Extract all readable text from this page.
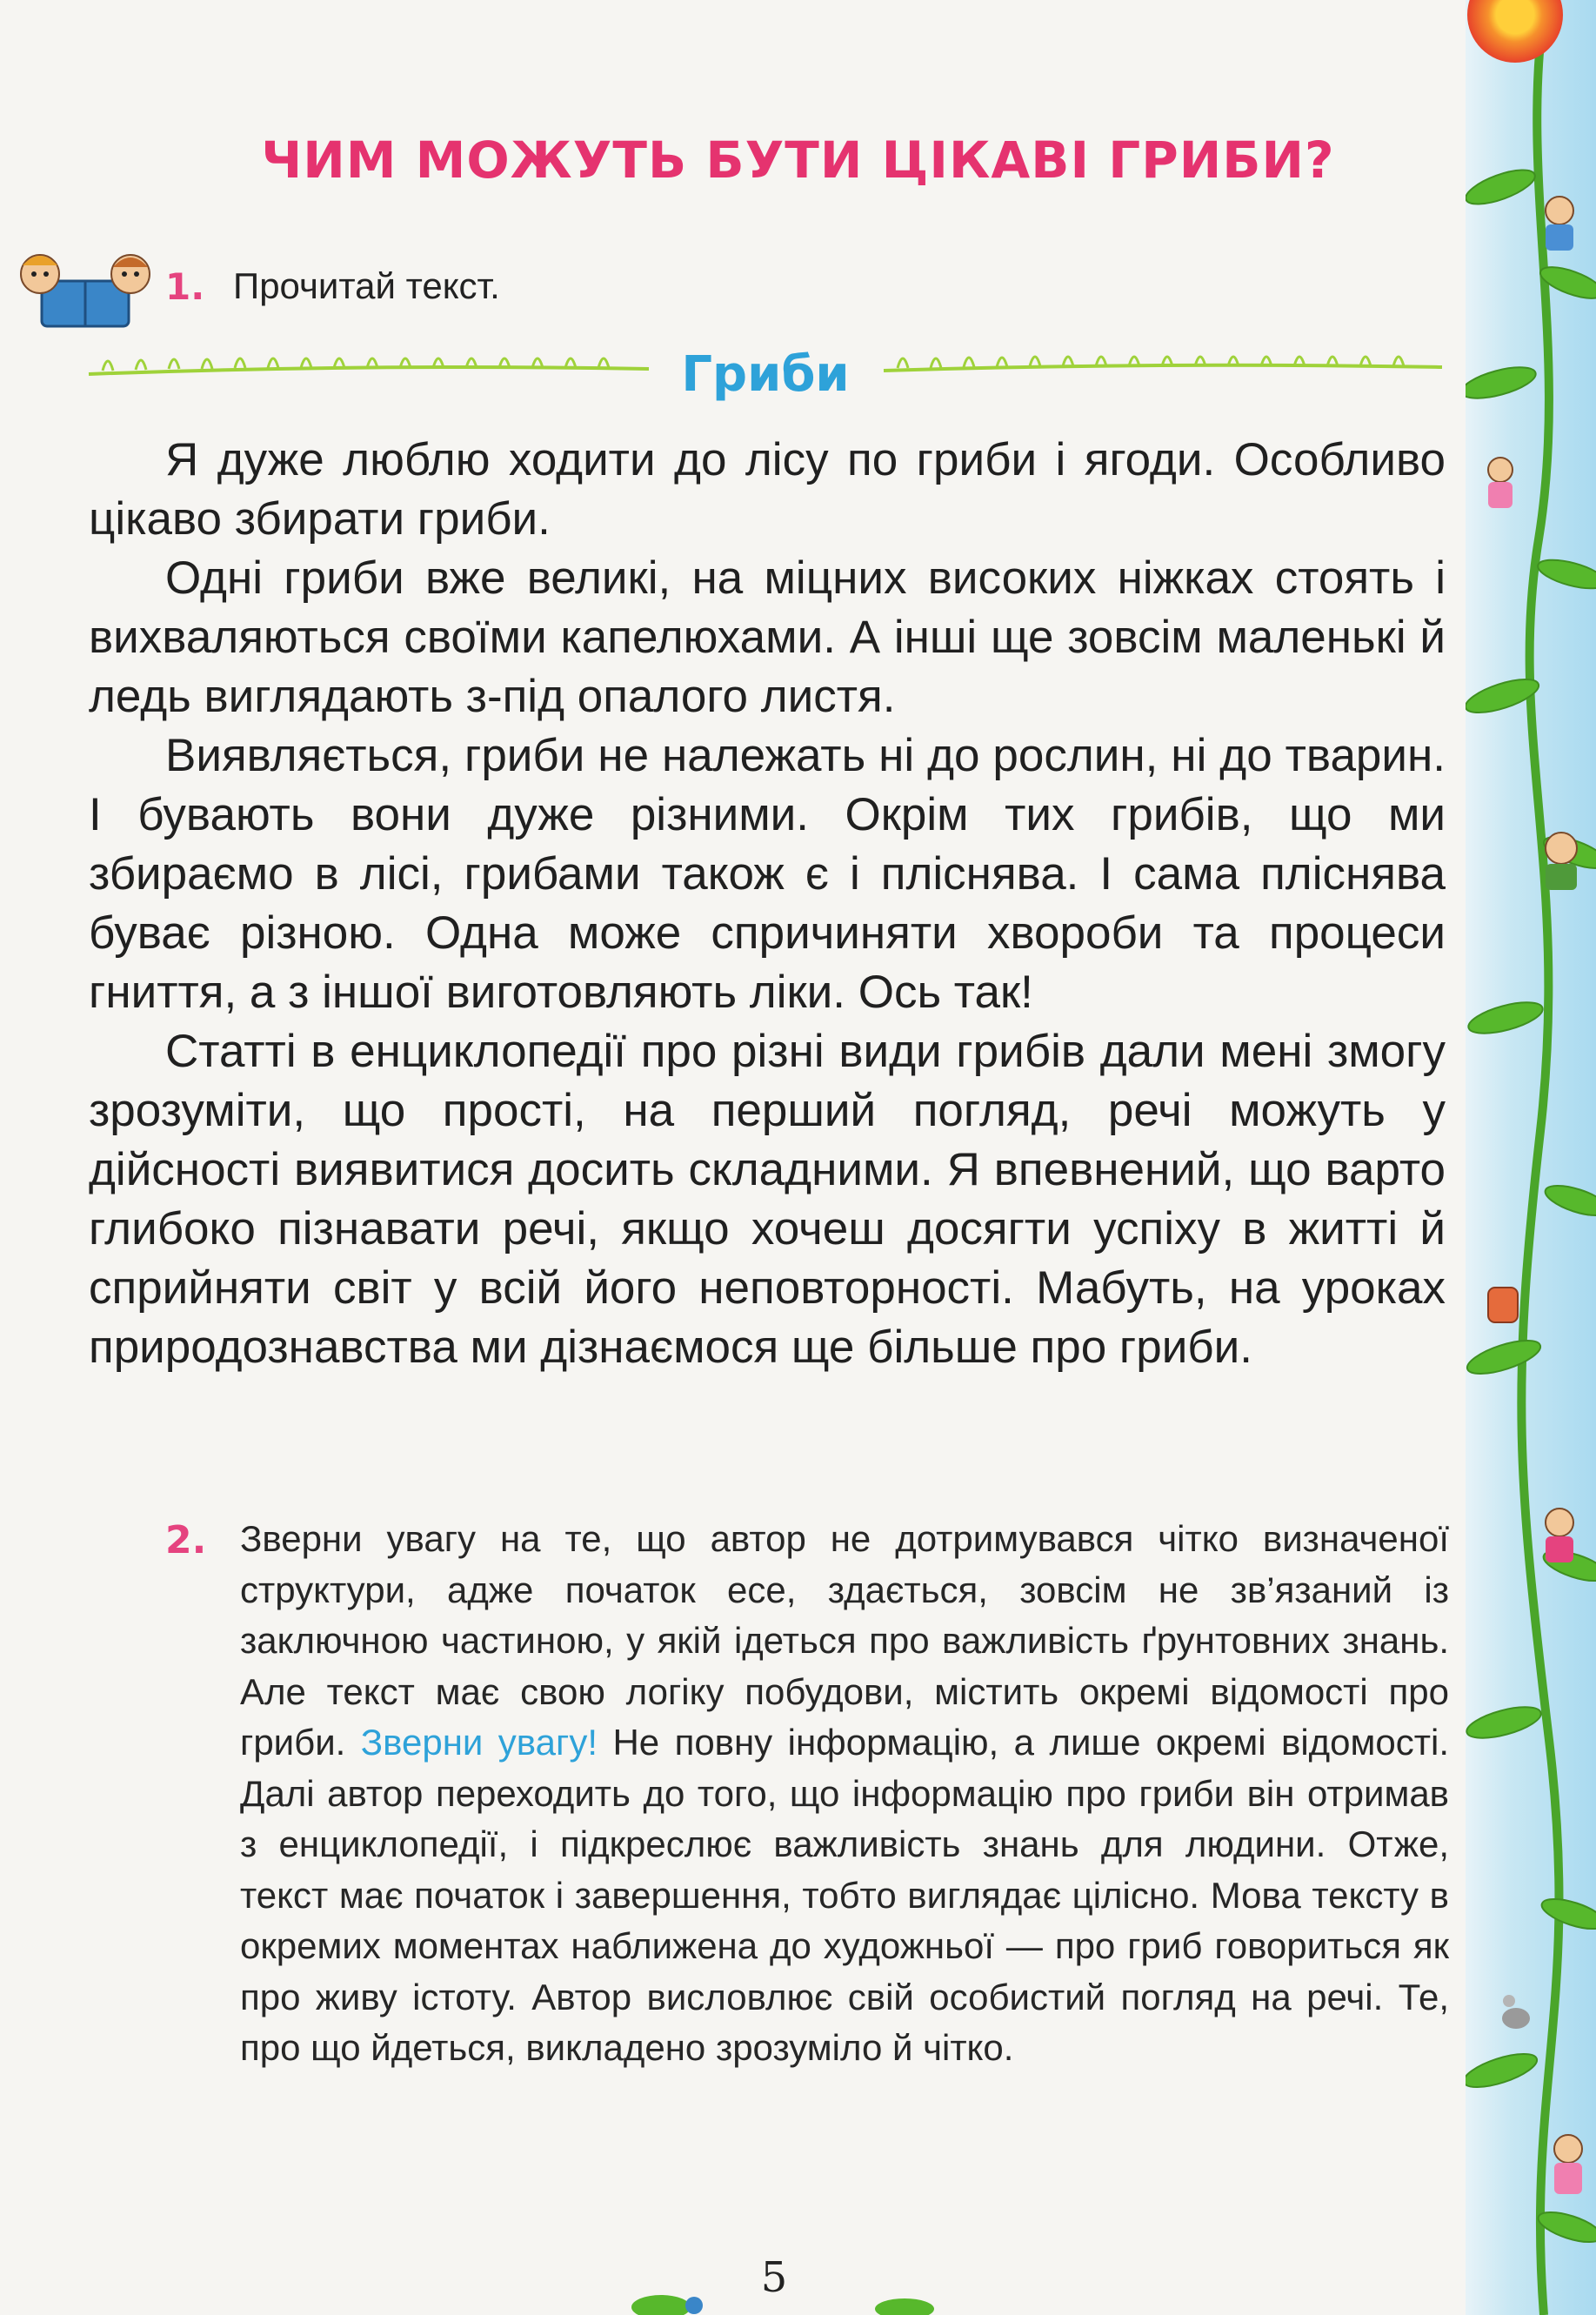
ЧИМ МОЖУТЬ БУТИ ЦІКАВІ ГРИБИ?
1. Прочитай текст.
Гриби

Я дуже люблю ходити до лісу по гриби і ягоди. Особливо цікаво збирати гриби.

Одні гриби вже великі, на міцних високих ніжках стоять і вихваляються своїми капелюхами. А інші ще зовсім маленькі й ледь виглядають з-під опалого листя.

Виявляється, гриби не належать ні до рослин, ні до тварин. І бувають вони дуже різними. Окрім тих грибів, що ми збираємо в лісі, грибами також є і пліснява. І сама пліснява буває різною. Одна може спричиняти хвороби та процеси гниття, а з іншої виготовляють ліки. Ось так!

Статті в енциклопедії про різні види грибів дали мені змогу зрозуміти, що прості, на перший погляд, речі можуть у дійсності виявитися досить складними. Я впевнений, що варто глибоко пізнавати речі, якщо хочеш досягти успіху в житті й сприйняти світ у всій його неповторності. Мабуть, на уроках природознавства ми дізнаємося ще більше про гриби.

2. Зверни увагу на те, що автор не дотримувався чітко визначеної структури, адже початок есе, здається, зовсім не зв’язаний із заключною частиною, у якій ідеться про важливість ґрунтовних знань. Але текст має свою логіку побудови, містить окремі відомості про гриби. Зверни увагу! Не повну інформацію, а лише окремі відомості. Далі автор переходить до того, що інформацію про гриби він отримав з енциклопедії, і підкреслює важливість знань для людини. Отже, текст має початок і завершення, тобто виглядає цілісно. Мова тексту в окремих моментах наближена до художньої — про гриб говориться як про живу істоту. Автор висловлює свій особистий погляд на речі. Те, про що йдеться, викладено зрозуміло й чітко.

5
